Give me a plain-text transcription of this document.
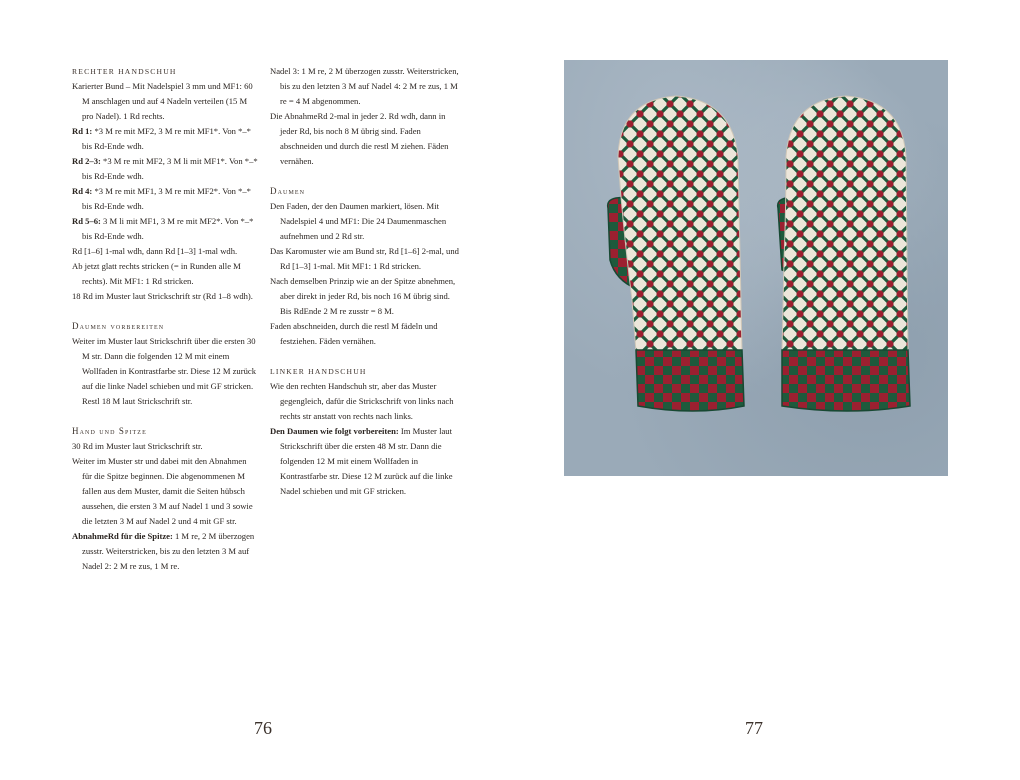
RECHTER HANDSCHUH

Karierter Bund – Mit Nadelspiel 3 mm und MF1: 60 M anschlagen und auf 4 Nadeln verteilen (15 M pro Nadel). 1 Rd rechts.

Rd 1: *3 M re mit MF2, 3 M re mit MF1*. Von *–* bis Rd-Ende wdh.

Rd 2–3: *3 M re mit MF2, 3 M li mit MF1*. Von *–* bis Rd-Ende wdh.

Rd 4: *3 M re mit MF1, 3 M re mit MF2*. Von *–* bis Rd-Ende wdh.

Rd 5–6: 3 M li mit MF1, 3 M re mit MF2*. Von *–* bis Rd-Ende wdh.

Rd [1–6] 1-mal wdh, dann Rd [1–3] 1-mal wdh.

Ab jetzt glatt rechts stricken (= in Runden alle M rechts). Mit MF1: 1 Rd stricken.

18 Rd im Muster laut Strickschrift str (Rd 1–8 wdh).

Daumen vorbereiten

Weiter im Muster laut Strickschrift über die ersten 30 M str. Dann die folgenden 12 M mit einem Wollfaden in Kontrastfarbe str. Diese 12 M zurück auf die linke Nadel schieben und mit GF stricken. Restl 18 M laut Strickschrift str.

Hand und Spitze

30 Rd im Muster laut Strickschrift str.

Weiter im Muster str und dabei mit den Abnahmen für die Spitze beginnen. Die abgenommenen M fallen aus dem Muster, damit die Seiten hübsch aussehen, die ersten 3 M auf Nadel 1 und 3 sowie die letzten 3 M auf Nadel 2 und 4 mit GF str.

AbnahmeRd für die Spitze: 1 M re, 2 M überzogen zusstr. Weiterstricken, bis zu den letzten 3 M auf Nadel 2: 2 M re zus, 1 M re.

Nadel 3: 1 M re, 2 M überzogen zusstr. Weiterstricken, bis zu den letzten 3 M auf Nadel 4: 2 M re zus, 1 M re = 4 M abgenommen.

Die AbnahmeRd 2-mal in jeder 2. Rd wdh, dann in jeder Rd, bis noch 8 M übrig sind. Faden abschneiden und durch die restl M ziehen. Fäden vernähen.

Daumen

Den Faden, der den Daumen markiert, lösen. Mit Nadelspiel 4 und MF1: Die 24 Daumenmaschen aufnehmen und 2 Rd str.

Das Karomuster wie am Bund str, Rd [1–6] 2-mal, und Rd [1–3] 1-mal. Mit MF1: 1 Rd stricken.

Nach demselben Prinzip wie an der Spitze abnehmen, aber direkt in jeder Rd, bis noch 16 M übrig sind. Bis RdEnde 2 M re zusstr = 8 M.

Faden abschneiden, durch die restl M fädeln und festziehen. Fäden vernähen.

LINKER HANDSCHUH

Wie den rechten Handschuh str, aber das Muster gegengleich, dafür die Strickschrift von links nach rechts str anstatt von rechts nach links.

Den Daumen wie folgt vorbereiten: Im Muster laut Strickschrift über die ersten 48 M str. Dann die folgenden 12 M mit einem Wollfaden in Kontrastfarbe str. Diese 12 M zurück auf die linke Nadel schieben und mit GF stricken.

76	77
